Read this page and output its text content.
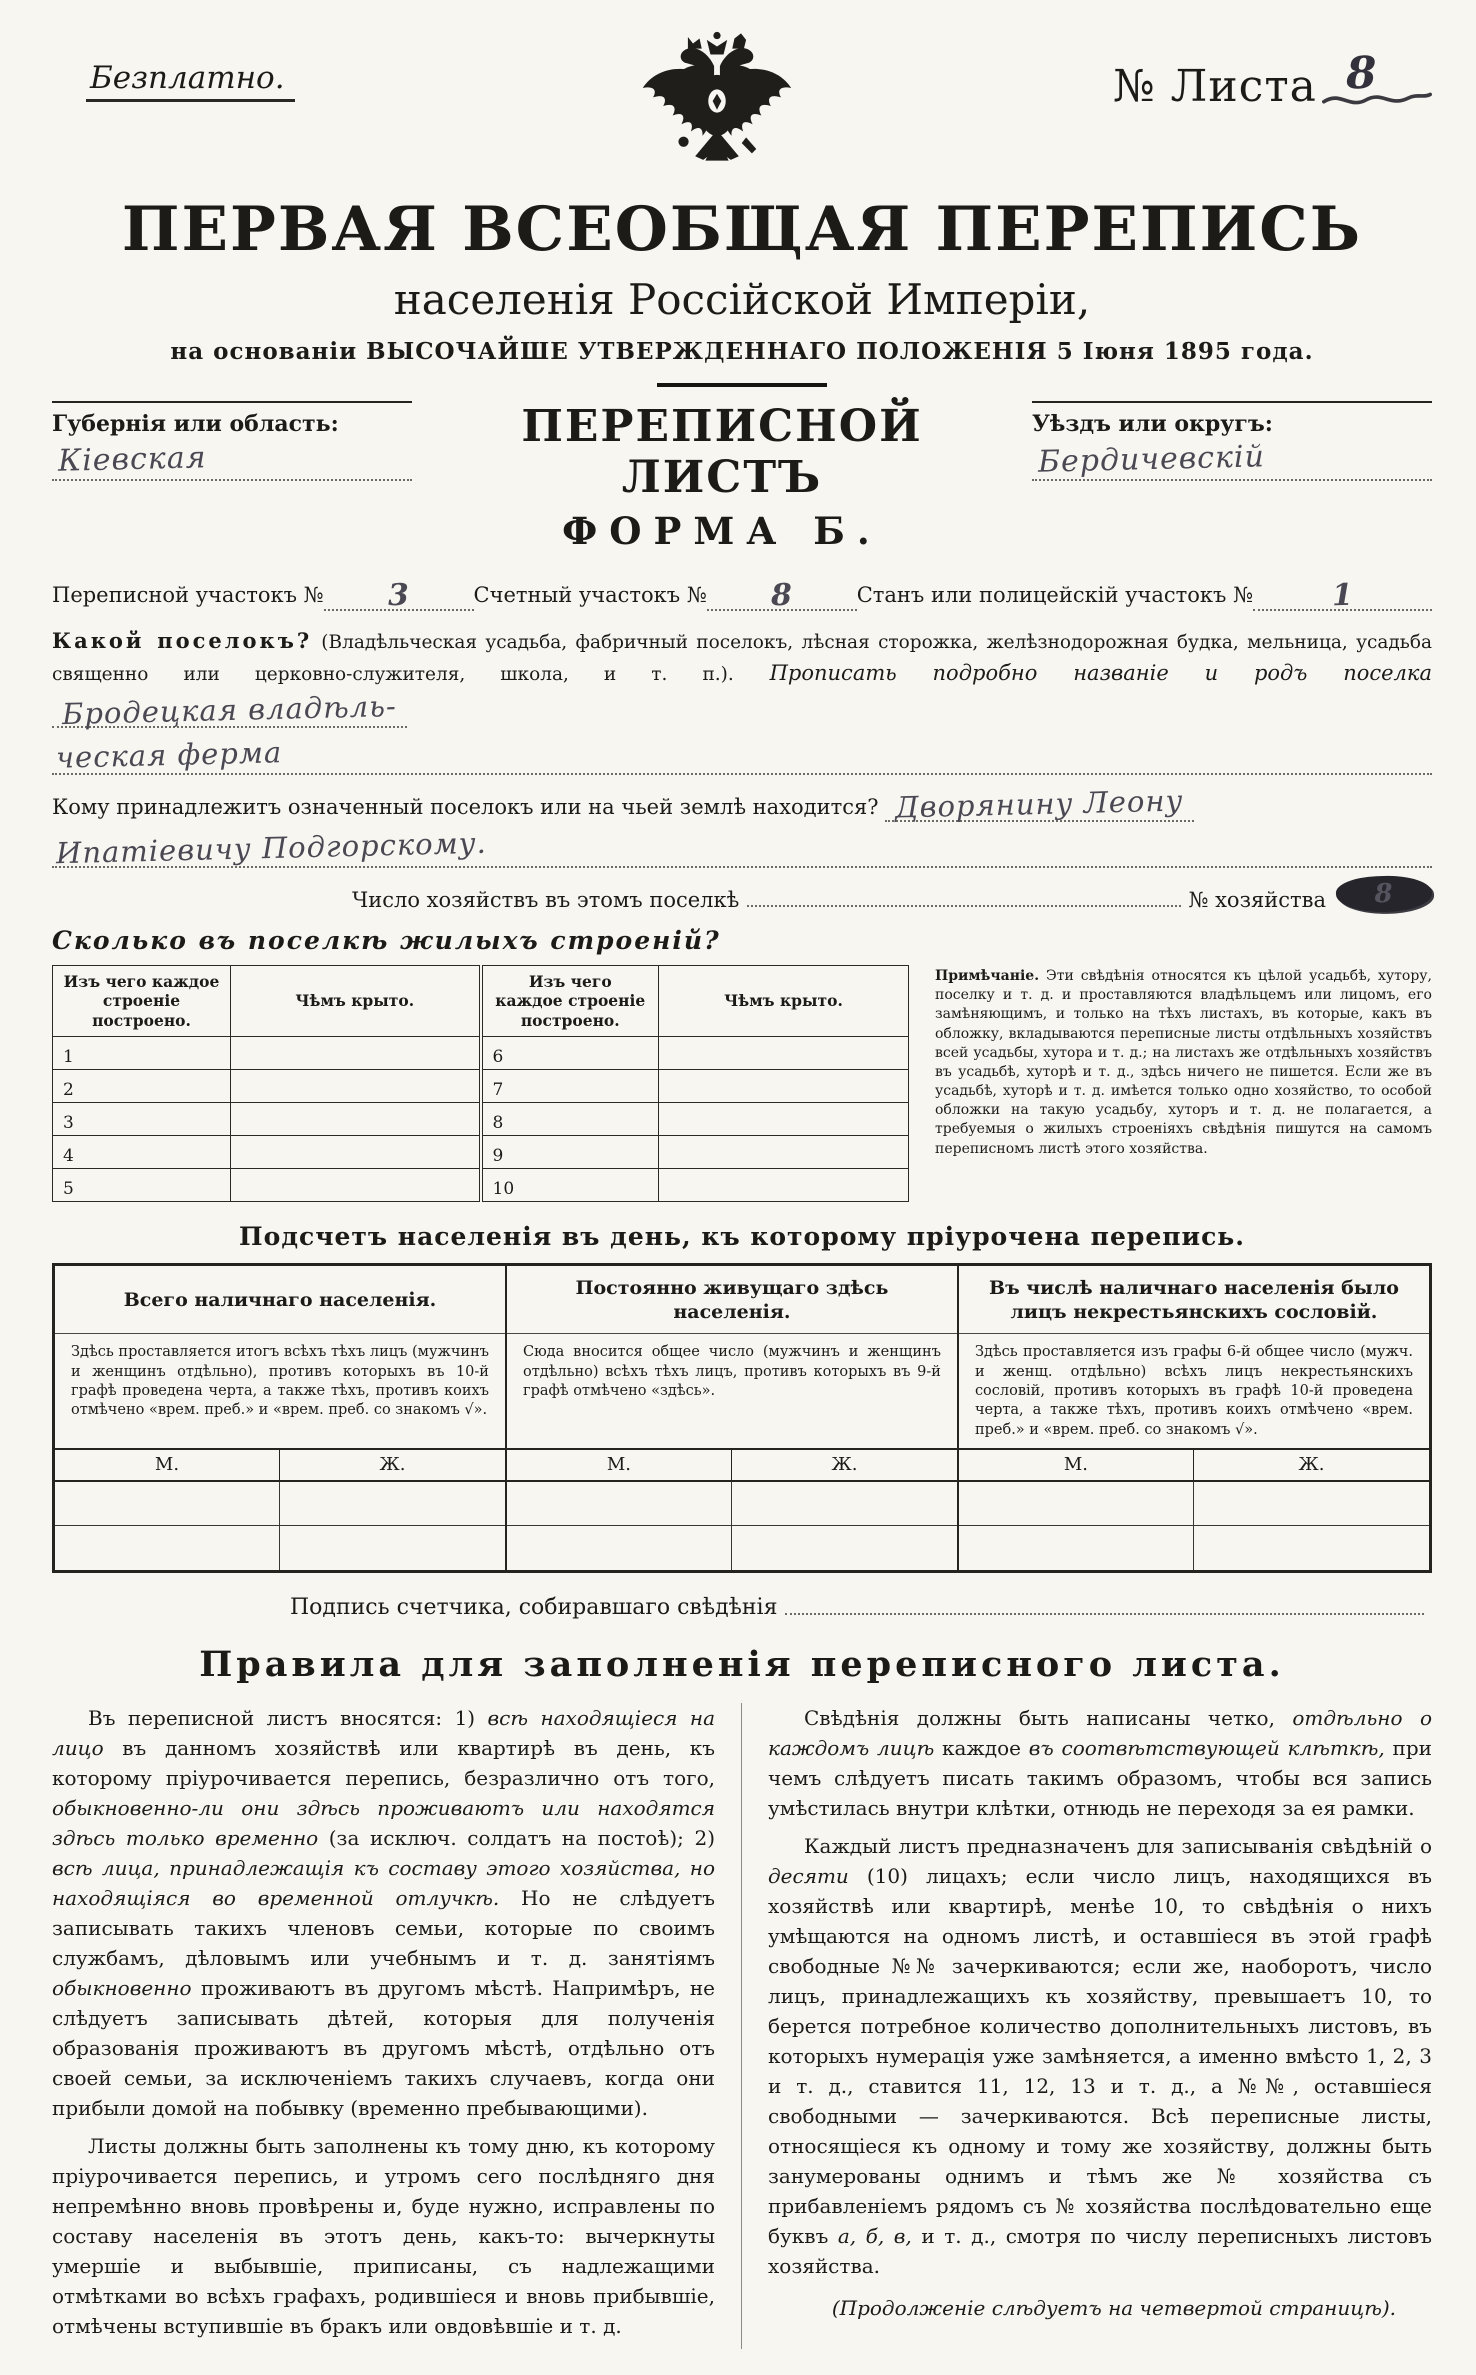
Безплатно.	№ Листа 8
ПЕРВАЯ ВСЕОБЩАЯ ПЕРЕПИСЬ
населенія Россійской Имперіи,
на основаніи ВЫСОЧАЙШЕ УТВЕРЖДЕННАГО ПОЛОЖЕНІЯ 5 Іюня 1895 года.
Губернія или область:
Кіевская
ПЕРЕПИСНОЙ ЛИСТЪ
ФОРМА Б.
Уѣздъ или округъ:
Бердичевскій
Переписной участокъ № 3	Счетный участокъ № 8	Станъ или полицейскій участокъ №	1
Какой поселокъ? (Владѣльческая усадьба, фабричный поселокъ, лѣсная сторожка, желѣзнодорожная будка, мельница, усадьба священно или церковно-служителя, школа, и т. п.). Прописать подробно названіе и родъ поселка Бродецкая владѣль-
ческая ферма
Кому принадлежитъ означенный поселокъ или на чьей землѣ находится? Дворянину Леону
Ипатіевичу Подгорскому.
Число хозяйствъ въ этомъ поселкѣ	№ хозяйства 8
Сколько въ поселкѣ жилыхъ строеній?
Изъ чего каждое строеніе построено.	Чѣмъ крыто.	Изъ чего каждое строеніе построено.	Чѣмъ крыто.
1		6	
2		7	
3		8	
4		9	
5		10	
Примѣчаніе. Эти свѣдѣнія относятся къ цѣлой усадьбѣ, хутору, поселку и т. д. и проставляются владѣльцемъ или лицомъ, его замѣняющимъ, и только на тѣхъ листахъ, въ которые, какъ въ обложку, вкладываются переписные листы отдѣльныхъ хозяйствъ всей усадьбы, хутора и т. д.; на листахъ же отдѣльныхъ хозяйствъ въ усадьбѣ, хуторѣ и т. д., здѣсь ничего не пишется. Если же въ усадьбѣ, хуторѣ и т. д. имѣется только одно хозяйство, то особой обложки на такую усадьбу, хуторъ и т. д. не полагается, а требуемыя о жилыхъ строеніяхъ свѣдѣнія пишутся на самомъ переписномъ листѣ этого хозяйства.
Подсчетъ населенія въ день, къ которому пріурочена перепись.
Всего наличнаго населенія.
Здѣсь проставляется итогъ всѣхъ тѣхъ лицъ (мужчинъ и женщинъ отдѣльно), противъ которыхъ въ 10-й графѣ проведена черта, а также тѣхъ, противъ коихъ отмѣчено «врем. преб.» и «врем. преб. со знакомъ √».
М.	Ж.
Постоянно живущаго здѣсь населенія.
Сюда вносится общее число (мужчинъ и женщинъ отдѣльно) всѣхъ тѣхъ лицъ, противъ которыхъ въ 9-й графѣ отмѣчено «здѣсь».
М.	Ж.
Въ числѣ наличнаго населенія было лицъ некрестьянскихъ сословій.
Здѣсь проставляется изъ графы 6-й общее число (мужч. и женщ. отдѣльно) всѣхъ лицъ некрестьянскихъ сословій, противъ которыхъ въ графѣ 10-й проведена черта, а также тѣхъ, противъ коихъ отмѣчено «врем. преб.» и «врем. преб. со знакомъ √».
М.	Ж.
Подпись счетчика, собиравшаго свѣдѣнія
Правила для заполненія переписного листа.

Въ переписной листъ вносятся: 1) всѣ находящіеся на лицо въ данномъ хозяйствѣ или квартирѣ въ день, къ которому пріурочивается перепись, безразлично отъ того, обыкновенно-ли они здѣсь проживаютъ или находятся здѣсь только временно (за исключ. солдатъ на постоѣ); 2) всѣ лица, принадлежащія къ составу этого хозяйства, но находящіяся во временной отлучкѣ. Но не слѣдуетъ записывать такихъ членовъ семьи, которые по своимъ службамъ, дѣловымъ или учебнымъ и т. д. занятіямъ обыкновенно проживаютъ въ другомъ мѣстѣ. Напримѣръ, не слѣдуетъ записывать дѣтей, которыя для полученія образованія проживаютъ въ другомъ мѣстѣ, отдѣльно отъ своей семьи, за исключеніемъ такихъ случаевъ, когда они прибыли домой на побывку (временно пребывающими).

Листы должны быть заполнены къ тому дню, къ которому пріурочивается перепись, и утромъ сего послѣдняго дня непремѣнно вновь провѣрены и, буде нужно, исправлены по составу населенія въ этотъ день, какъ-то: вычеркнуты умершіе и выбывшіе, приписаны, съ надлежащими отмѣтками во всѣхъ графахъ, родившіеся и вновь прибывшіе, отмѣчены вступившіе въ бракъ или овдовѣвшіе и т. д.

Свѣдѣнія должны быть написаны четко, отдѣльно о каждомъ лицѣ каждое въ соотвѣтствующей клѣткѣ, при чемъ слѣдуетъ писать такимъ образомъ, чтобы вся запись умѣстилась внутри клѣтки, отнюдь не переходя за ея рамки.

Каждый листъ предназначенъ для записыванія свѣдѣній о десяти (10) лицахъ; если число лицъ, находящихся въ хозяйствѣ или квартирѣ, менѣе 10, то свѣдѣнія о нихъ умѣщаются на одномъ листѣ, и оставшіеся въ этой графѣ свободные №№ зачеркиваются; если же, наоборотъ, число лицъ, принадлежащихъ къ хозяйству, превышаетъ 10, то берется потребное количество дополнительныхъ листовъ, въ которыхъ нумерація уже замѣняется, а именно вмѣсто 1, 2, 3 и т. д., ставится 11, 12, 13 и т. д., а №№, оставшіеся свободными — зачеркиваются. Всѣ переписные листы, относящіеся къ одному и тому же хозяйству, должны быть занумерованы однимъ и тѣмъ же № хозяйства съ прибавленіемъ рядомъ съ № хозяйства послѣдовательно еще буквъ а, б, в, и т. д., смотря по числу переписныхъ листовъ хозяйства.

(Продолженіе слѣдуетъ на четвертой страницѣ).
